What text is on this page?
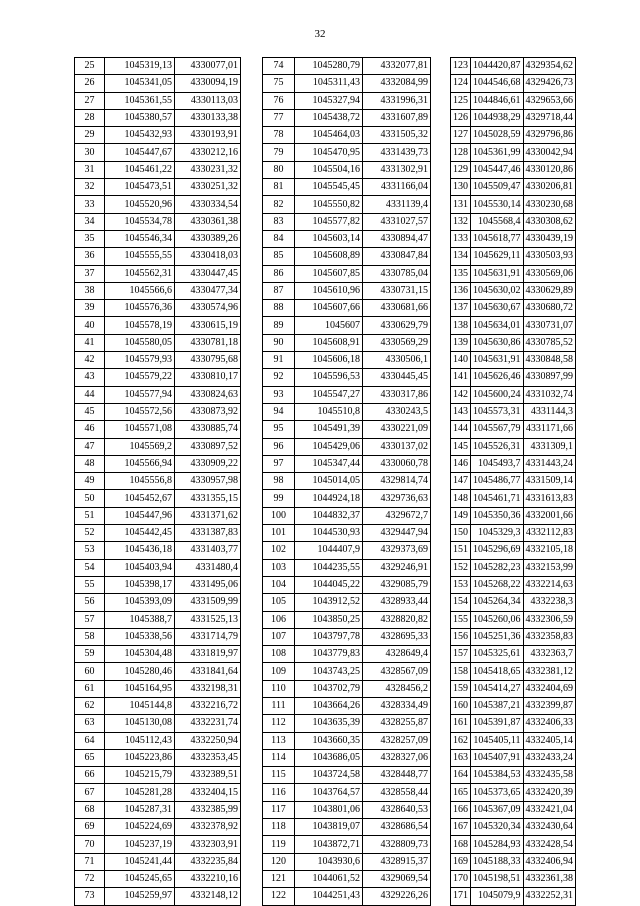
32
25	1045319,13	4330077,01
26	1045341,05	4330094,19
27	1045361,55	4330113,03
28	1045380,57	4330133,38
29	1045432,93	4330193,91
30	1045447,67	4330212,16
31	1045461,22	4330231,32
32	1045473,51	4330251,32
33	1045520,96	4330334,54
34	1045534,78	4330361,38
35	1045546,34	4330389,26
36	1045555,55	4330418,03
37	1045562,31	4330447,45
38	1045566,6	4330477,34
39	1045576,36	4330574,96
40	1045578,19	4330615,19
41	1045580,05	4330781,18
42	1045579,93	4330795,68
43	1045579,22	4330810,17
44	1045577,94	4330824,63
45	1045572,56	4330873,92
46	1045571,08	4330885,74
47	1045569,2	4330897,52
48	1045566,94	4330909,22
49	1045556,8	4330957,98
50	1045452,67	4331355,15
51	1045447,96	4331371,62
52	1045442,45	4331387,83
53	1045436,18	4331403,77
54	1045403,94	4331480,4
55	1045398,17	4331495,06
56	1045393,09	4331509,99
57	1045388,7	4331525,13
58	1045338,56	4331714,79
59	1045304,48	4331819,97
60	1045280,46	4331841,64
61	1045164,95	4332198,31
62	1045144,8	4332216,72
63	1045130,08	4332231,74
64	1045112,43	4332250,94
65	1045223,86	4332353,45
66	1045215,79	4332389,51
67	1045281,28	4332404,15
68	1045287,31	4332385,99
69	1045224,69	4332378,92
70	1045237,19	4332303,91
71	1045241,44	4332235,84
72	1045245,65	4332210,16
73	1045259,97	4332148,12
74	1045280,79	4332077,81
75	1045311,43	4332084,99
76	1045327,94	4331996,31
77	1045438,72	4331607,89
78	1045464,03	4331505,32
79	1045470,95	4331439,73
80	1045504,16	4331302,91
81	1045545,45	4331166,04
82	1045550,82	4331139,4
83	1045577,82	4331027,57
84	1045603,14	4330894,47
85	1045608,89	4330847,84
86	1045607,85	4330785,04
87	1045610,96	4330731,15
88	1045607,66	4330681,66
89	1045607	4330629,79
90	1045608,91	4330569,29
91	1045606,18	4330506,1
92	1045596,53	4330445,45
93	1045547,27	4330317,86
94	1045510,8	4330243,5
95	1045491,39	4330221,09
96	1045429,06	4330137,02
97	1045347,44	4330060,78
98	1045014,05	4329814,74
99	1044924,18	4329736,63
100	1044832,37	4329672,7
101	1044530,93	4329447,94
102	1044407,9	4329373,69
103	1044235,55	4329246,91
104	1044045,22	4329085,79
105	1043912,52	4328933,44
106	1043850,25	4328820,82
107	1043797,78	4328695,33
108	1043779,83	4328649,4
109	1043743,25	4328567,09
110	1043702,79	4328456,2
111	1043664,26	4328334,49
112	1043635,39	4328255,87
113	1043660,35	4328257,09
114	1043686,05	4328327,06
115	1043724,58	4328448,77
116	1043764,57	4328558,44
117	1043801,06	4328640,53
118	1043819,07	4328686,54
119	1043872,71	4328809,73
120	1043930,6	4328915,37
121	1044061,52	4329069,54
122	1044251,43	4329226,26
123	1044420,87	4329354,62
124	1044546,68	4329426,73
125	1044846,61	4329653,66
126	1044938,29	4329718,44
127	1045028,59	4329796,86
128	1045361,99	4330042,94
129	1045447,46	4330120,86
130	1045509,47	4330206,81
131	1045530,14	4330230,68
132	1045568,4	4330308,62
133	1045618,77	4330439,19
134	1045629,11	4330503,93
135	1045631,91	4330569,06
136	1045630,02	4330629,89
137	1045630,67	4330680,72
138	1045634,01	4330731,07
139	1045630,86	4330785,52
140	1045631,91	4330848,58
141	1045626,46	4330897,99
142	1045600,24	4331032,74
143	1045573,31	4331144,3
144	1045567,79	4331171,66
145	1045526,31	4331309,1
146	1045493,7	4331443,24
147	1045486,77	4331509,14
148	1045461,71	4331613,83
149	1045350,36	4332001,66
150	1045329,3	4332112,83
151	1045296,69	4332105,18
152	1045282,23	4332153,99
153	1045268,22	4332214,63
154	1045264,34	4332238,3
155	1045260,06	4332306,59
156	1045251,36	4332358,83
157	1045325,61	4332363,7
158	1045418,65	4332381,12
159	1045414,27	4332404,69
160	1045387,21	4332399,87
161	1045391,87	4332406,33
162	1045405,11	4332405,14
163	1045407,91	4332433,24
164	1045384,53	4332435,58
165	1045373,65	4332420,39
166	1045367,09	4332421,04
167	1045320,34	4332430,64
168	1045284,93	4332428,54
169	1045188,33	4332406,94
170	1045198,51	4332361,38
171	1045079,9	4332252,31
